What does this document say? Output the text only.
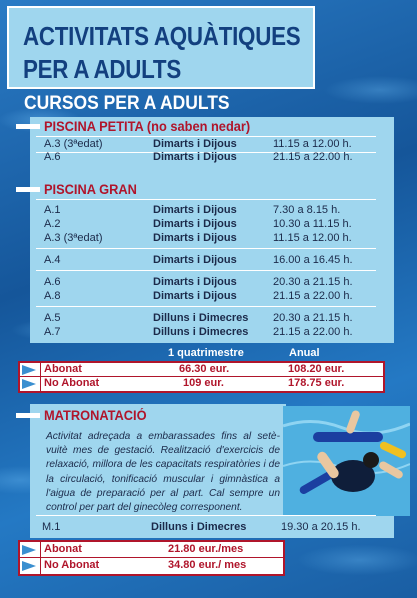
ACTIVITATS AQUÀTIQUES
PER A ADULTS
CURSOS PER A ADULTS
PISCINA PETITA (no saben nedar)
A.3 (3ªedat)	Dimarts i Dijous	11.15 a 12.00 h.
A.6	Dimarts i Dijous	21.15 a 22.00 h.
PISCINA GRAN
A.1	Dimarts i Dijous	7.30 a 8.15 h.
A.2	Dimarts i Dijous	10.30 a 11.15 h.
A.3 (3ªedat)	Dimarts i Dijous	11.15 a 12.00 h.
A.4	Dimarts i Dijous	16.00 a 16.45 h.
A.6	Dimarts i Dijous	20.30 a 21.15 h.
A.8	Dimarts i Dijous	21.15 a 22.00 h.
A.5	Dilluns i Dimecres 20.30 a 21.15 h.
A.7	Dilluns i Dimecres 21.15 a 22.00 h.
1 quatrimestre	Anual
Abonat	66.30 eur.	108.20 eur.
No Abonat	109 eur.	178.75 eur.
MATRONATACIÓ
Activitat adreçada a embarassades fins al setè-vuitè mes de gestació. Realització d'exercicis de relaxació, millora de les capacitats respiratòries i de la circulació, tonificació muscular i gimnàstica a l'aigua de preparació per al part. Cal sempre un control per part del ginecòleg corresponent.
M.1	Dilluns i Dimecres	19.30 a 20.15 h.
Abonat	21.80 eur./mes
No Abonat	34.80 eur./ mes
